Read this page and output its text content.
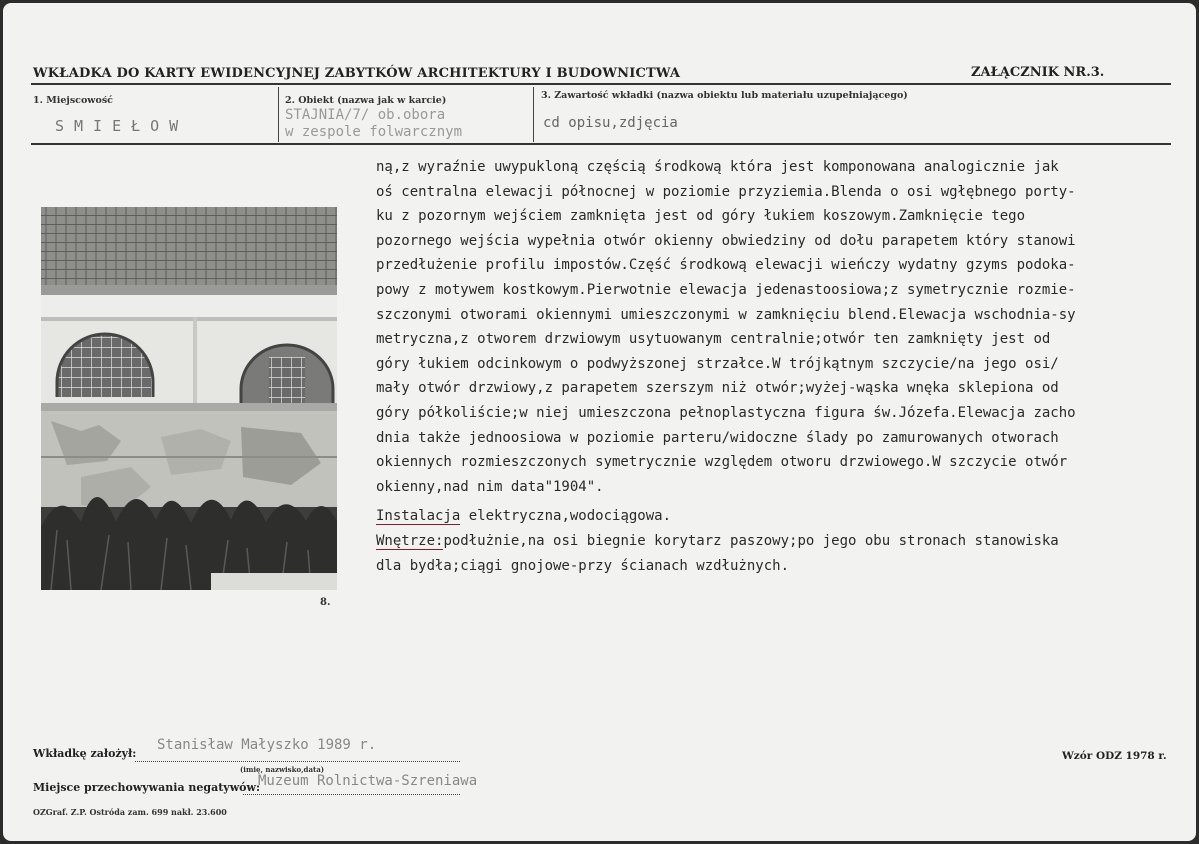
WKŁADKA DO KARTY EWIDENCYJNEJ ZABYTKÓW ARCHITEKTURY I BUDOWNICTWA	ZAŁĄCZNIK NR.3.
1. Miejscowość
SMIEŁOW
2. Obiekt (nazwa jak w karcie)
STAJNIA/7/ ob.obora
w zespole folwarcznym
3. Zawartość wkładki (nazwa obiektu lub materiału uzupełniającego)
cd opisu,zdjęcia
8.
ną,z wyraźnie uwypukloną częścią środkową która jest komponowana analogicznie jak
oś centralna elewacji północnej w poziomie przyziemia.Blenda o osi wgłębnego porty-
ku z pozornym wejściem zamknięta jest od góry łukiem koszowym.Zamknięcie tego
pozornego wejścia wypełnia otwór okienny obwiedziny od dołu parapetem który stanowi
przedłużenie profilu impostów.Część środkową elewacji wieńczy wydatny gzyms podoka-
powy z motywem kostkowym.Pierwotnie elewacja jedenastoosiowa;z symetrycznie rozmie-
szczonymi otworami okiennymi umieszczonymi w zamknięciu blend.Elewacja wschodnia-sy
metryczna,z otworem drzwiowym usytuowanym centralnie;otwór ten zamknięty jest od
góry łukiem odcinkowym o podwyższonej strzałce.W trójkątnym szczycie/na jego osi/
mały otwór drzwiowy,z parapetem szerszym niż otwór;wyżej-wąska wnęka sklepiona od
góry półkoliście;w niej umieszczona pełnoplastyczna figura św.Józefa.Elewacja zacho
dnia także jednoosiowa w poziomie parteru/widoczne ślady po zamurowanych otworach
okiennych rozmieszczonych symetrycznie względem otworu drzwiowego.W szczycie otwór
okienny,nad nim data"1904".
Instalacja elektryczna,wodociągowa.
Wnętrze:podłużnie,na osi biegnie korytarz paszowy;po jego obu stronach stanowiska
dla bydła;ciągi gnojowe-przy ścianach wzdłużnych.
Wkładkę założył:
Stanisław Małyszko 1989 r.
(imię, nazwisko,data)
Miejsce przechowywania negatywów:
Muzeum Rolnictwa-Szreniawa
Wzór ODZ 1978 r.
OZGraf. Z.P. Ostróda zam. 699 nakł. 23.600
